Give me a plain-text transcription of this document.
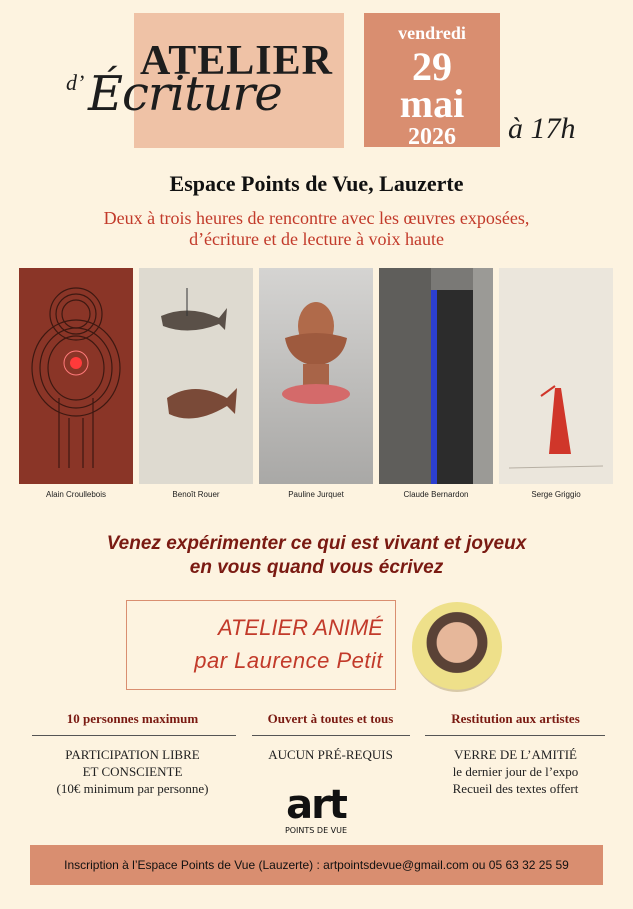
ATELIER
d’ Écriture
vendredi
29
mai
2026	à 17h
Espace Points de Vue, Lauzerte
Deux à trois heures de rencontre avec les œuvres exposées,
d’écriture et de lecture à voix haute
Alain Croullebois	Benoît Rouer	Pauline Jurquet	Claude Bernardon	Serge Griggio
Venez expérimenter ce qui est vivant et joyeux
en vous quand vous écrivez
ATELIER ANIMÉ
par Laurence Petit
10 personnes maximum	Ouvert à toutes et tous	Restitution aux artistes
PARTICIPATION LIBRE
ET CONSCIENTE
(10€ minimum par personne)
AUCUN PRÉ-REQUIS	VERRE DE L’AMITIÉ
le dernier jour de l’expo
Recueil des textes offert
art
POINTS DE VUE
Inscription à l’Espace Points de Vue (Lauzerte) : artpointsdevue@gmail.com ou 05 63 32 25 59
